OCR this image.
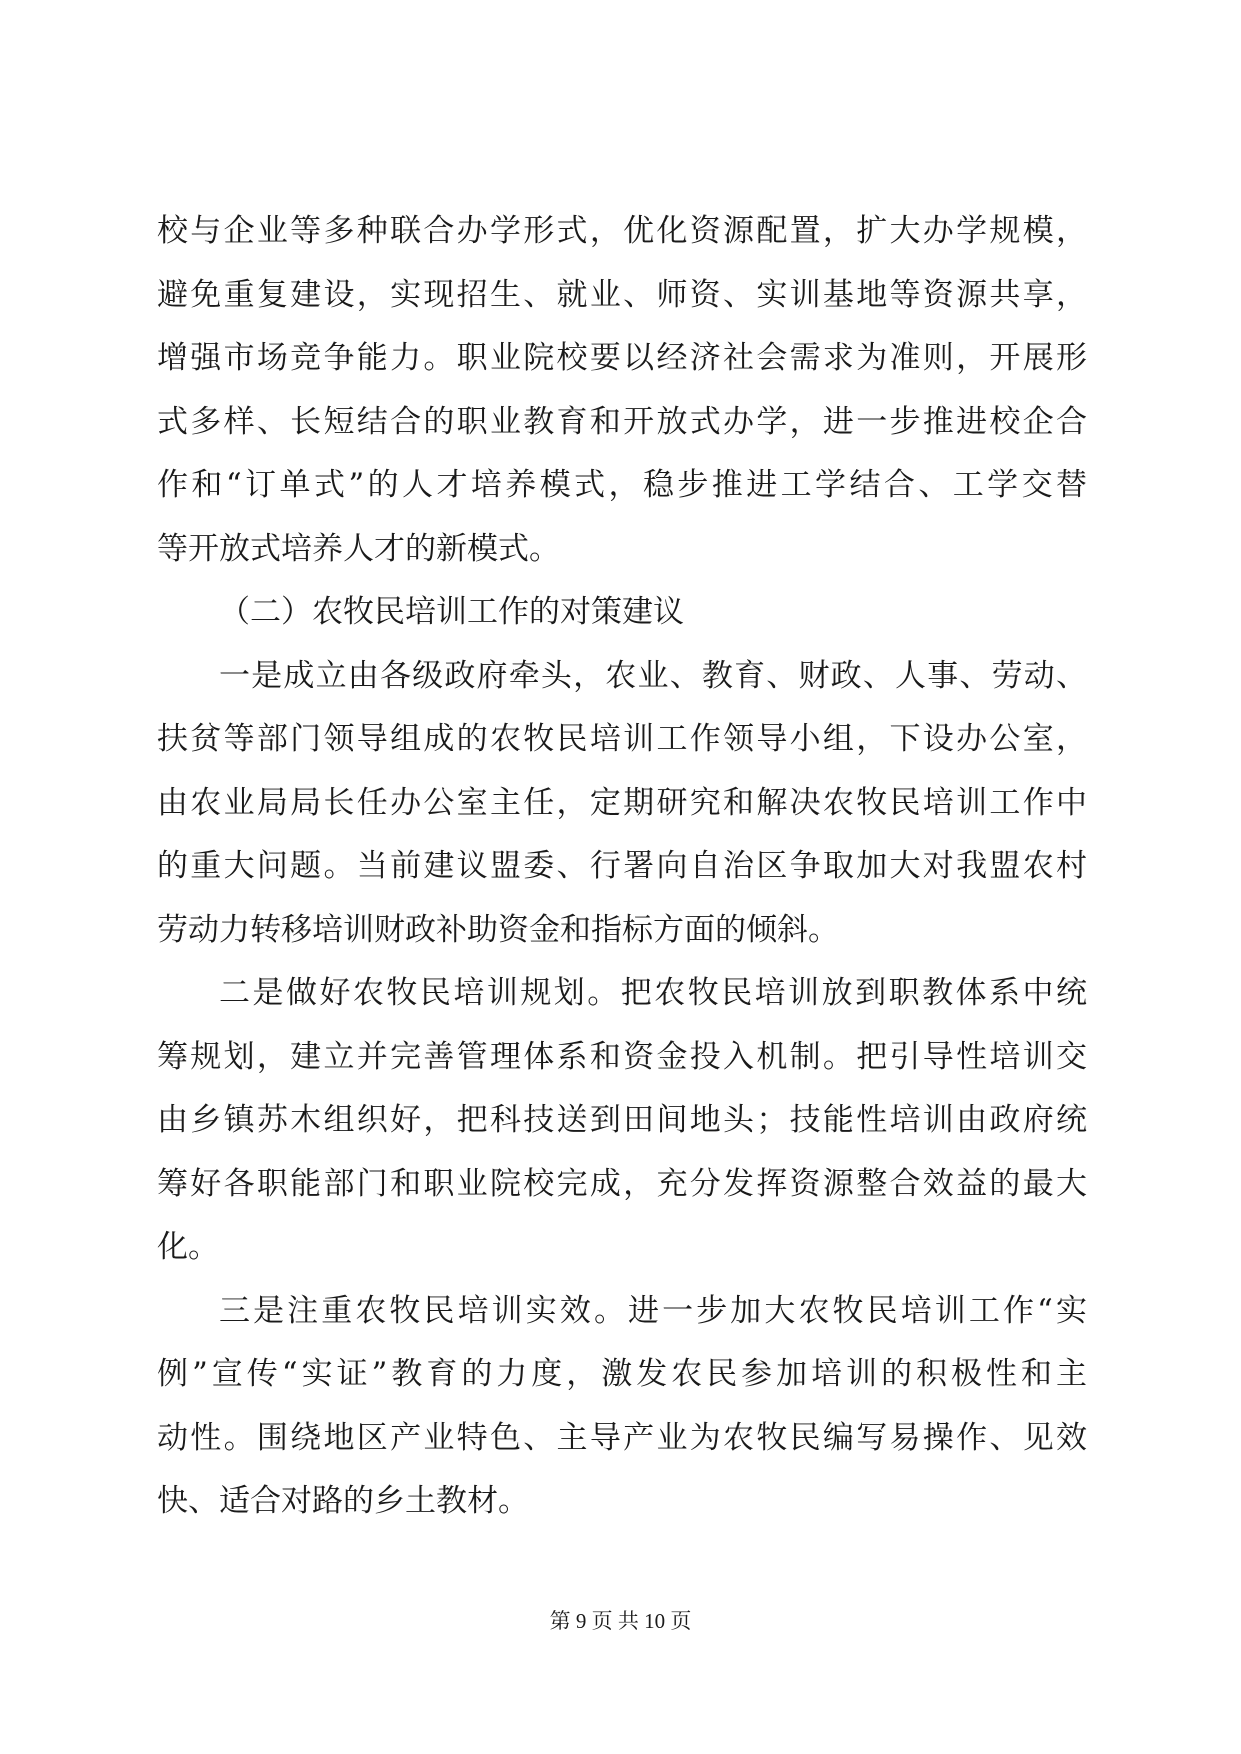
校与企业等多种联合办学形式，优化资源配置，扩大办学规模，
避免重复建设，实现招生、就业、师资、实训基地等资源共享，
增强市场竞争能力。职业院校要以经济社会需求为准则，开展形
式多样、长短结合的职业教育和开放式办学，进一步推进校企合
作和“订单式”的人才培养模式，稳步推进工学结合、工学交替
等开放式培养人才的新模式。
（二）农牧民培训工作的对策建议
一是成立由各级政府牵头，农业、教育、财政、人事、劳动、
扶贫等部门领导组成的农牧民培训工作领导小组，下设办公室，
由农业局局长任办公室主任，定期研究和解决农牧民培训工作中
的重大问题。当前建议盟委、行署向自治区争取加大对我盟农村
劳动力转移培训财政补助资金和指标方面的倾斜。
二是做好农牧民培训规划。把农牧民培训放到职教体系中统
筹规划，建立并完善管理体系和资金投入机制。把引导性培训交
由乡镇苏木组织好，把科技送到田间地头；技能性培训由政府统
筹好各职能部门和职业院校完成，充分发挥资源整合效益的最大
化。
三是注重农牧民培训实效。进一步加大农牧民培训工作“实
例”宣传“实证”教育的力度，激发农民参加培训的积极性和主
动性。围绕地区产业特色、主导产业为农牧民编写易操作、见效
快、适合对路的乡土教材。
第 9 页 共 10 页
